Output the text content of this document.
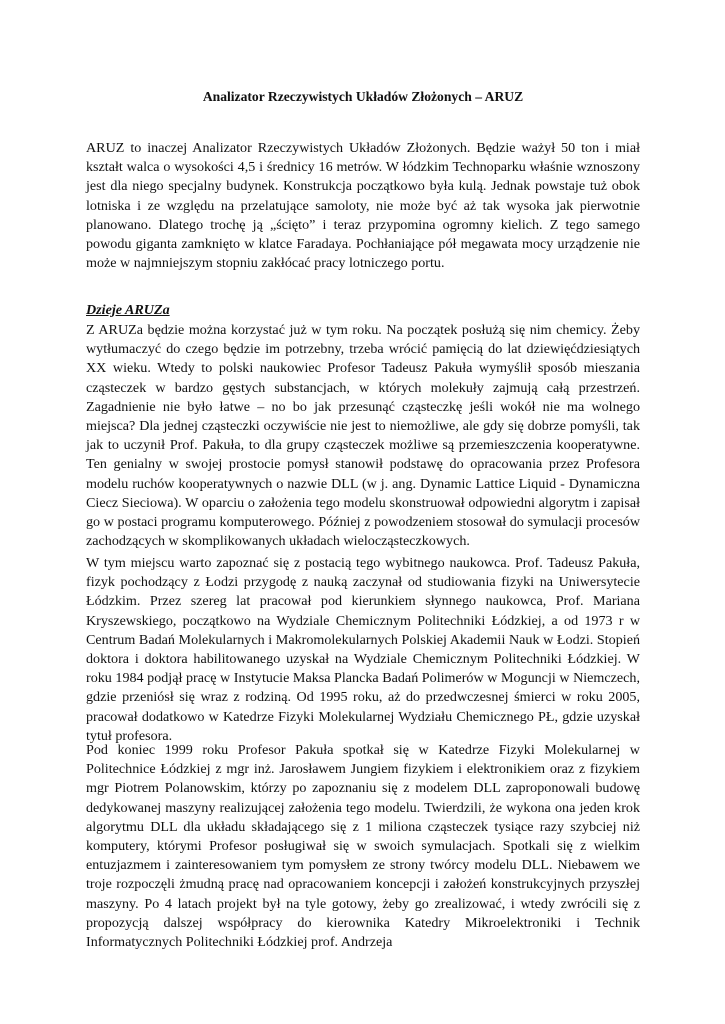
Analizator Rzeczywistych Układów Złożonych – ARUZ

ARUZ to inaczej Analizator Rzeczywistych Układów Złożonych. Będzie ważył 50 ton i miał kształt walca o wysokości 4,5 i średnicy 16 metrów. W łódzkim Technoparku właśnie wznoszony jest dla niego specjalny budynek. Konstrukcja początkowo była kulą. Jednak powstaje tuż obok lotniska i ze względu na przelatujące samoloty, nie może być aż tak wysoka jak pierwotnie planowano. Dlatego trochę ją „ścięto” i teraz przypomina ogromny kielich. Z tego samego powodu giganta zamknięto w klatce Faradaya. Pochłaniające pół megawata mocy urządzenie nie może w najmniejszym stopniu zakłócać pracy lotniczego portu.

Dzieje ARUZa

Z ARUZa będzie można korzystać już w tym roku. Na początek posłużą się nim chemicy. Żeby wytłumaczyć do czego będzie im potrzebny, trzeba wrócić pamięcią do lat dziewięćdziesiątych XX wieku. Wtedy to polski naukowiec Profesor Tadeusz Pakuła wymyślił sposób mieszania cząsteczek w bardzo gęstych substancjach, w których molekuły zajmują całą przestrzeń. Zagadnienie nie było łatwe – no bo jak przesunąć cząsteczkę jeśli wokół nie ma wolnego miejsca? Dla jednej cząsteczki oczywiście nie jest to niemożliwe, ale gdy się dobrze pomyśli, tak jak to uczynił Prof. Pakuła, to dla grupy cząsteczek możliwe są przemieszczenia kooperatywne. Ten genialny w swojej prostocie pomysł stanowił podstawę do opracowania przez Profesora modelu ruchów kooperatywnych o nazwie DLL (w j. ang. Dynamic Lattice Liquid - Dynamiczna Ciecz Sieciowa). W oparciu o założenia tego modelu skonstruował odpowiedni algorytm i zapisał go w postaci programu komputerowego. Później z powodzeniem stosował do symulacji procesów zachodzących w skomplikowanych układach wielocząsteczkowych.

W tym miejscu warto zapoznać się z postacią tego wybitnego naukowca. Prof. Tadeusz Pakuła, fizyk pochodzący z Łodzi przygodę z nauką zaczynał od studiowania fizyki na Uniwersytecie Łódzkim. Przez szereg lat pracował pod kierunkiem słynnego naukowca, Prof. Mariana Kryszewskiego, początkowo na Wydziale Chemicznym Politechniki Łódzkiej, a od 1973 r w Centrum Badań Molekularnych i Makromolekularnych Polskiej Akademii Nauk w Łodzi. Stopień doktora i doktora habilitowanego uzyskał na Wydziale Chemicznym Politechniki Łódzkiej. W roku 1984 podjął pracę w Instytucie Maksa Plancka Badań Polimerów w Moguncji w Niemczech, gdzie przeniósł się wraz z rodziną. Od 1995 roku, aż do przedwczesnej śmierci w roku 2005, pracował dodatkowo w Katedrze Fizyki Molekularnej Wydziału Chemicznego PŁ, gdzie uzyskał tytuł profesora.

Pod koniec 1999 roku Profesor Pakuła spotkał się w Katedrze Fizyki Molekularnej w Politechnice Łódzkiej z mgr inż. Jarosławem Jungiem fizykiem i elektronikiem oraz z fizykiem mgr Piotrem Polanowskim, którzy po zapoznaniu się z modelem DLL zaproponowali budowę dedykowanej maszyny realizującej założenia tego modelu. Twierdzili, że wykona ona jeden krok algorytmu DLL dla układu składającego się z 1 miliona cząsteczek tysiące razy szybciej niż komputery, którymi Profesor posługiwał się w swoich symulacjach. Spotkali się z wielkim entuzjazmem i zainteresowaniem tym pomysłem ze strony twórcy modelu DLL. Niebawem we troje rozpoczęli żmudną pracę nad opracowaniem koncepcji i założeń konstrukcyjnych przyszłej maszyny. Po 4 latach projekt był na tyle gotowy, żeby go zrealizować, i wtedy zwrócili się z propozycją dalszej współpracy do kierownika Katedry Mikroelektroniki i Technik Informatycznych Politechniki Łódzkiej prof. Andrzeja
